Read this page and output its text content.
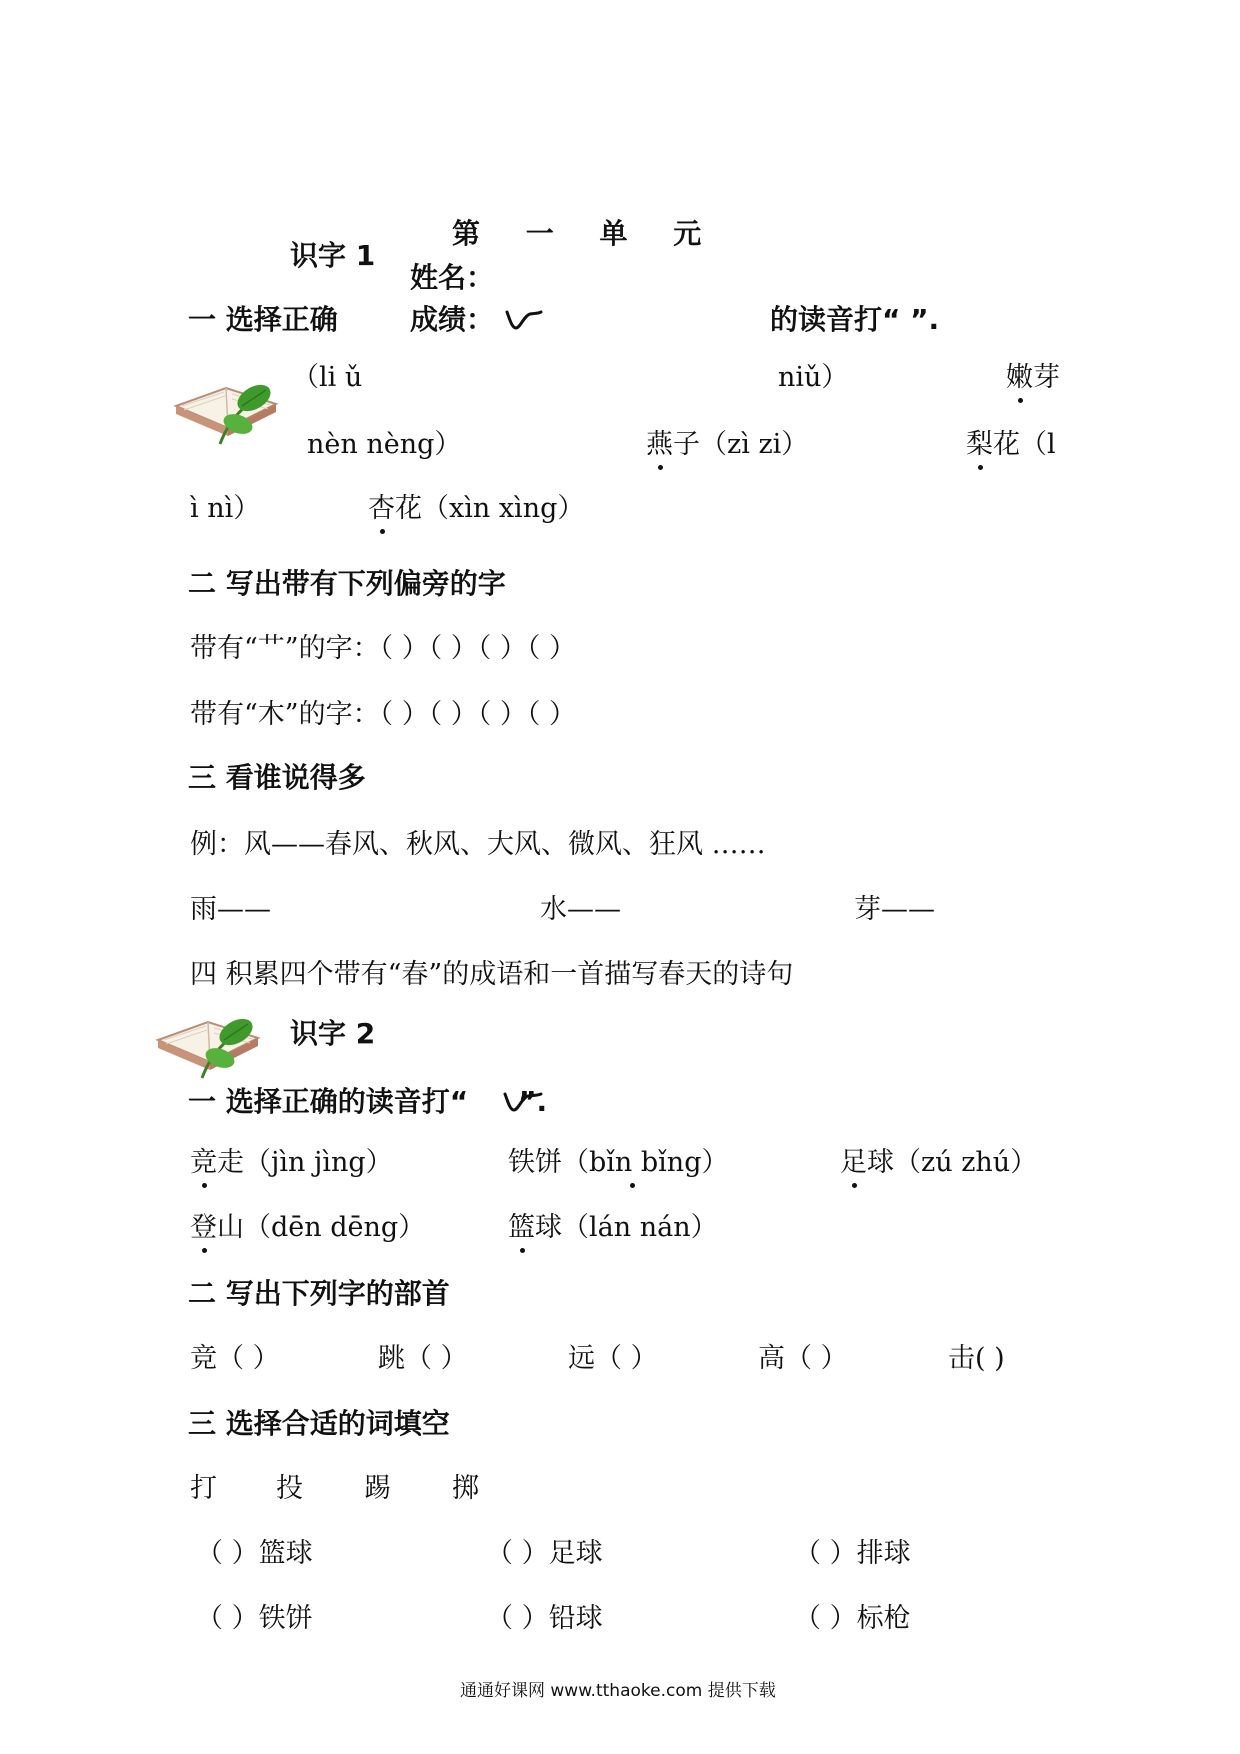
第 一 单 元
识字 1
姓名：
成绩：
一 选择正确	的读音打“ ”.
（li ǔ	niǔ）	嫩芽
nèn nèng）	燕子（zì zi）	梨花（l
ì nì）	杏花（xìn xìng）
二 写出带有下列偏旁的字
带有“艹”的字：（ ）（ ）（ ）（ ）
带有“木”的字：（ ）（ ）（ ）（ ）
三 看谁说得多
例：风——春风、秋风、大风、微风、狂风 ……
雨——	水——	芽——
四 积累四个带有“春”的成语和一首描写春天的诗句
识字 2
一 选择正确的读音打“ ”.
竞走（jìn jìng）	铁饼（bǐn bǐng）	足球（zú zhú）
登山（dēn dēng）	篮球（lán nán）
二 写出下列字的部首
竞（ ）	跳（ ）	远（ ）	高（ ）	击( )
三 选择合适的词填空
打 投 踢 掷
（ ）篮球	（ ）足球	（ ）排球
（ ）铁饼	（ ）铅球	（ ）标枪
通通好课网 www.tthaoke.com 提供下载
